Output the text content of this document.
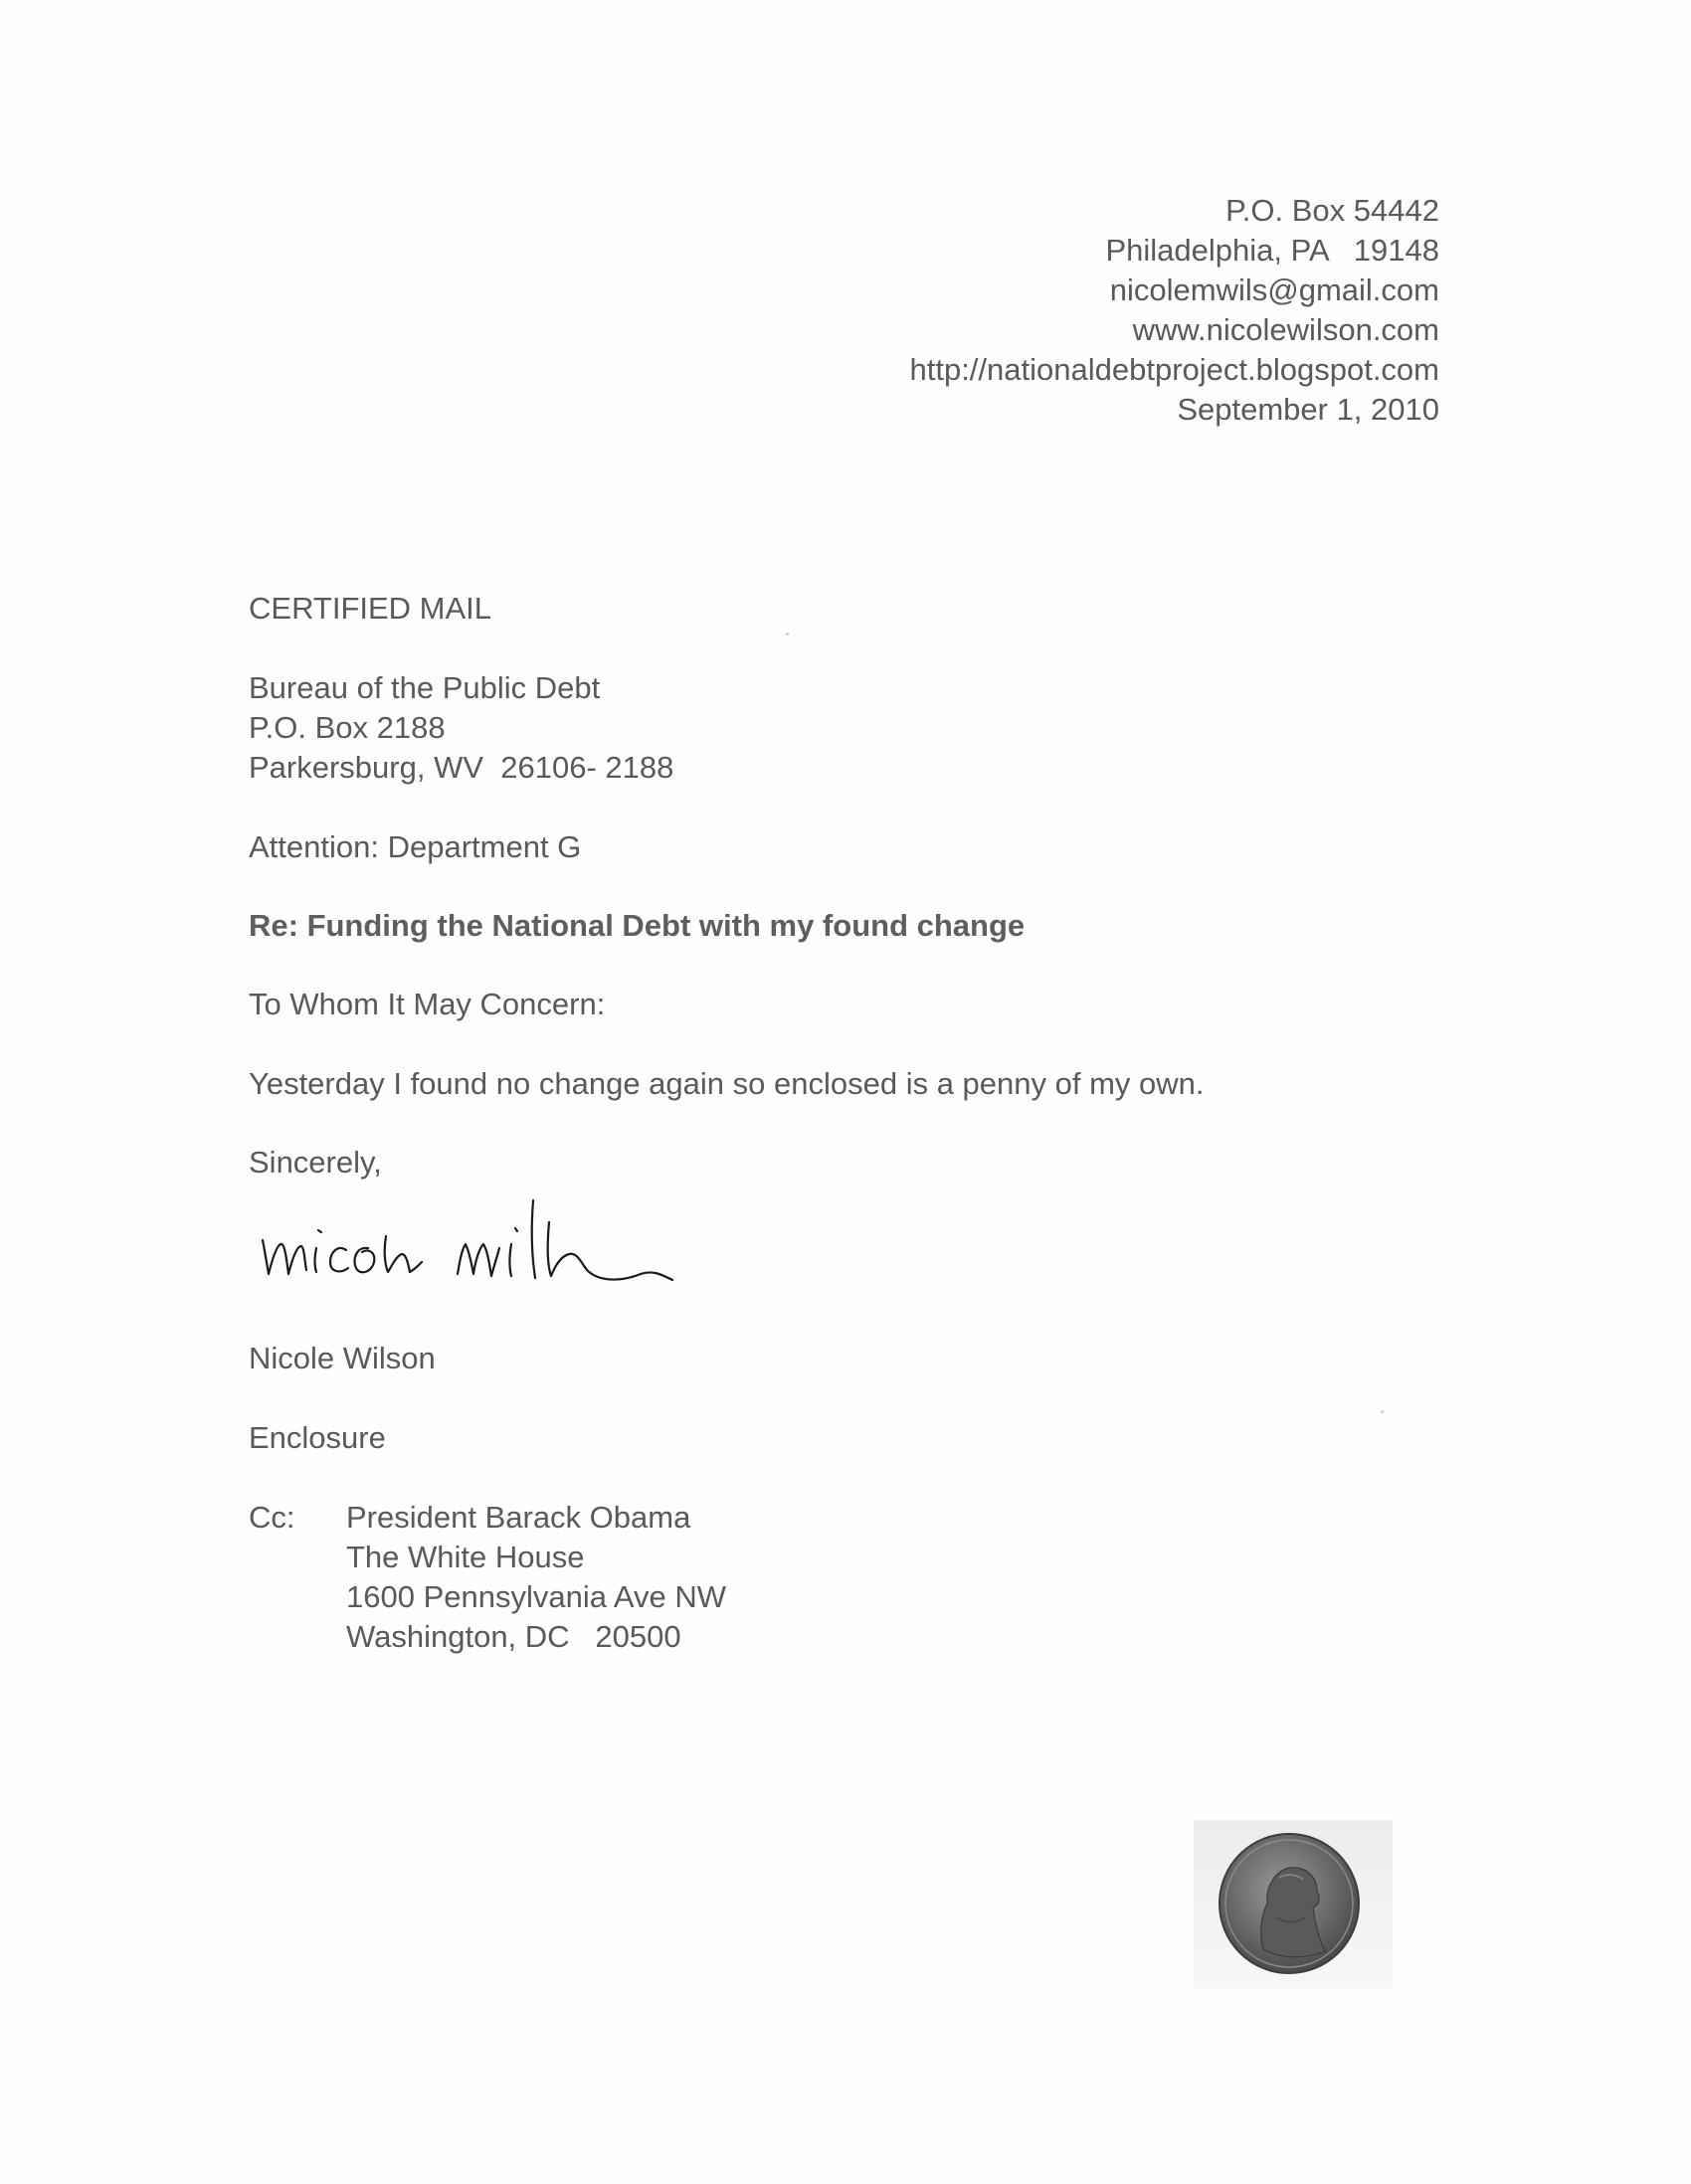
P.O. Box 54442
Philadelphia, PA   19148
nicolemwils@gmail.com
www.nicolewilson.com
http://nationaldebtproject.blogspot.com
September 1, 2010
CERTIFIED MAIL
Bureau of the Public Debt
P.O. Box 2188
Parkersburg, WV  26106- 2188
Attention: Department G
Re: Funding the National Debt with my found change
To Whom It May Concern:
Yesterday I found no change again so enclosed is a penny of my own.
Sincerely,
Nicole Wilson
Enclosure
Cc: President Barack Obama
The White House
1600 Pennsylvania Ave NW
Washington, DC   20500
